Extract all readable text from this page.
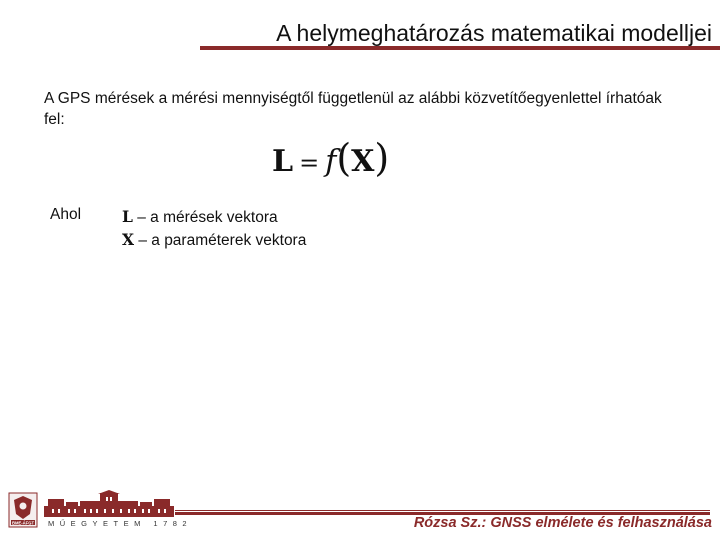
A helymeghatározás matematikai modelljei
A GPS mérések a mérési mennyiségtől függetlenül az alábbi közvetítőegyenlettel írhatóak fel:
L = f(X)
Ahol	L – a mérések vektora
X – a paraméterek vektora
BME-ÁFGT MŰEGYETEM 1782	Rózsa Sz.: GNSS elmélete és felhasználása
